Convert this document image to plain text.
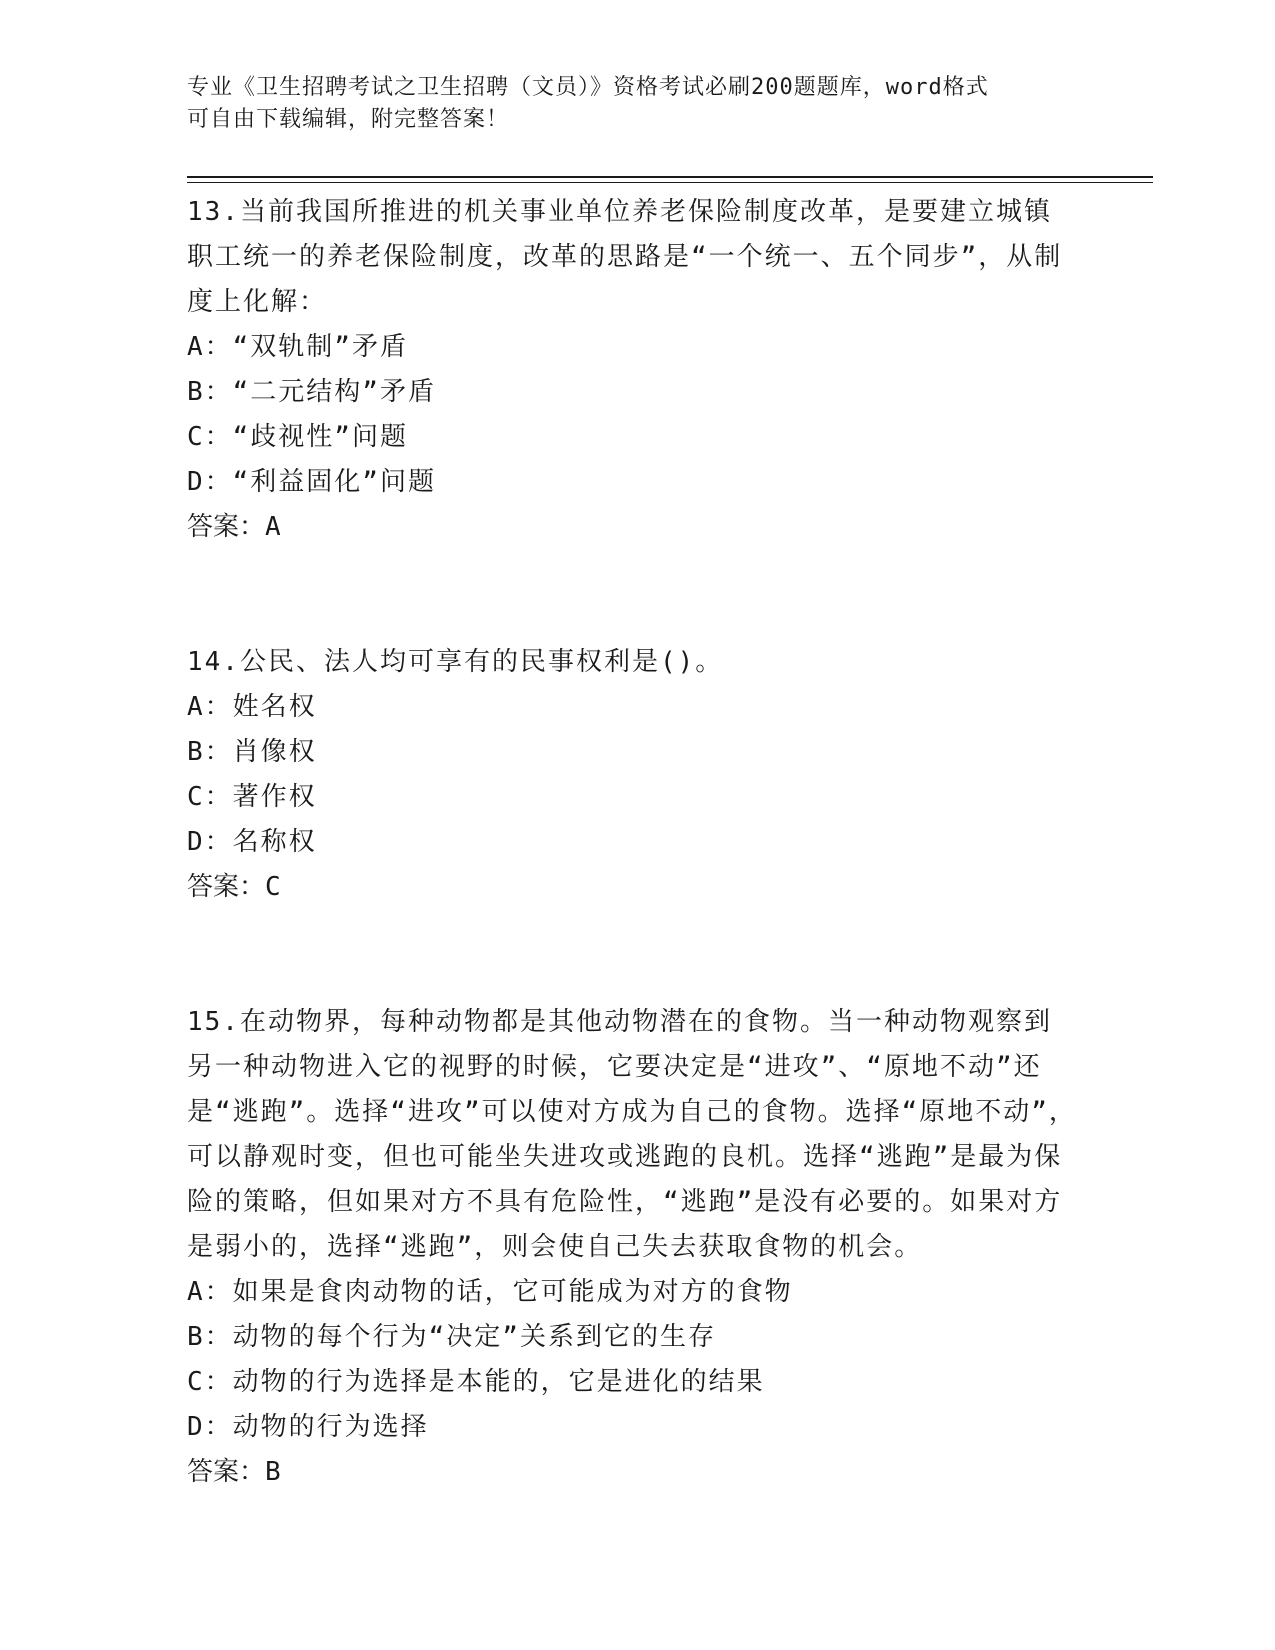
专业《卫生招聘考试之卫生招聘（文员）》资格考试必刷200题题库，word格式
可自由下载编辑，附完整答案！

13.当前我国所推进的机关事业单位养老保险制度改革，是要建立城镇职工统一的养老保险制度，改革的思路是“一个统一、五个同步”，从制度上化解：

A：“双轨制”矛盾

B：“二元结构”矛盾

C：“歧视性”问题

D：“利益固化”问题

答案：A

14.公民、法人均可享有的民事权利是()。

A：姓名权

B：肖像权

C：著作权

D：名称权

答案：C

15.在动物界，每种动物都是其他动物潜在的食物。当一种动物观察到另一种动物进入它的视野的时候，它要决定是“进攻”、“原地不动”还是“逃跑”。选择“进攻”可以使对方成为自己的食物。选择“原地不动”，可以静观时变，但也可能坐失进攻或逃跑的良机。选择“逃跑”是最为保险的策略，但如果对方不具有危险性，“逃跑”是没有必要的。如果对方是弱小的，选择“逃跑”，则会使自己失去获取食物的机会。

A：如果是食肉动物的话，它可能成为对方的食物

B：动物的每个行为“决定”关系到它的生存

C：动物的行为选择是本能的，它是进化的结果

D：动物的行为选择

答案：B
